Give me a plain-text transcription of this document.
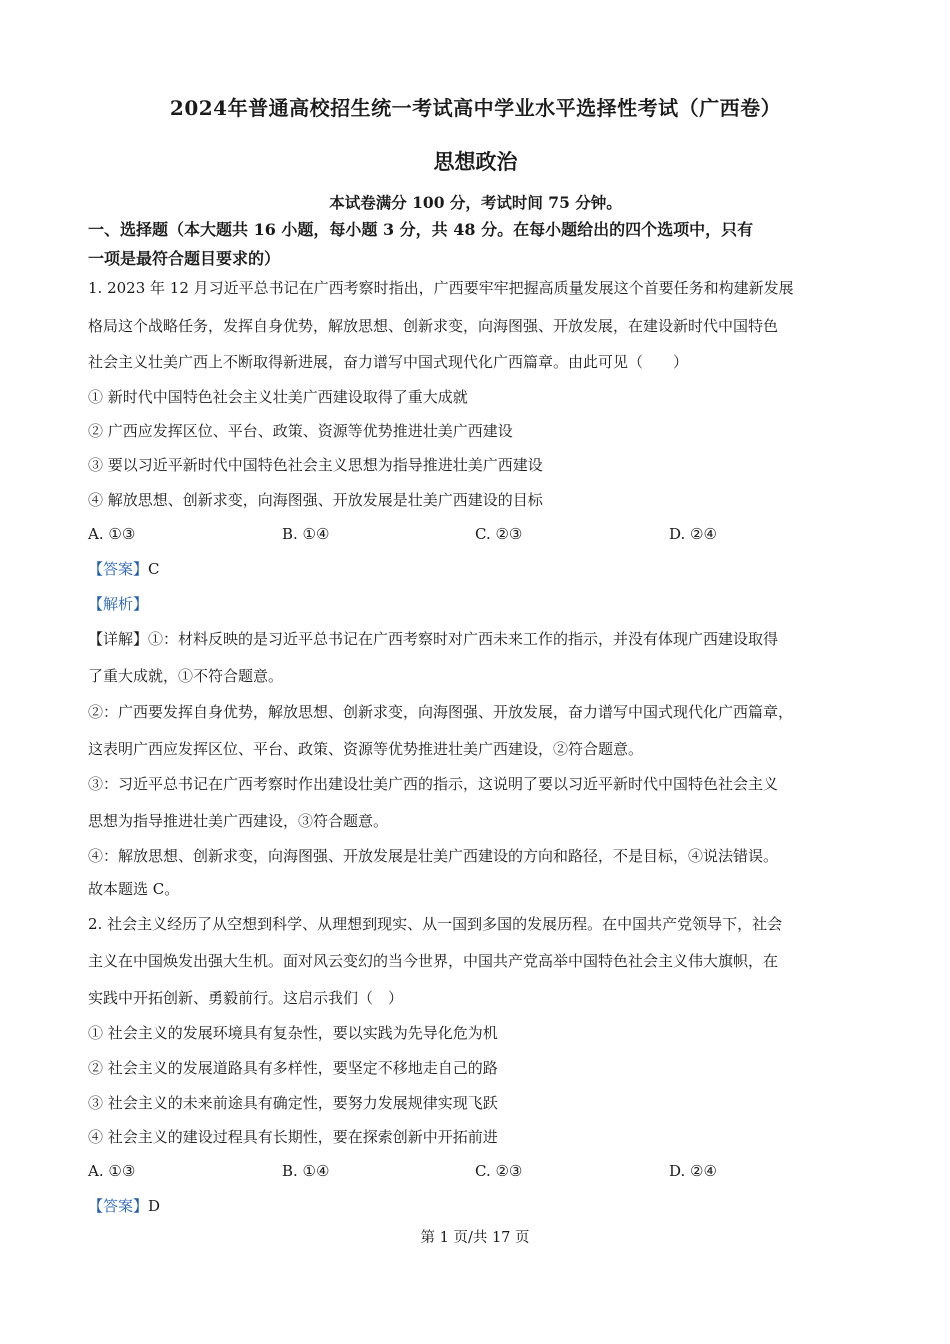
2024年普通高校招生统一考试高中学业水平选择性考试（广西卷）
思想政治
本试卷满分 100 分，考试时间 75 分钟。
一、选择题（本大题共 16 小题，每小题 3 分，共 48 分。在每小题给出的四个选项中，只有
一项是最符合题目要求的）
1. 2023 年 12 月习近平总书记在广西考察时指出，广西要牢牢把握高质量发展这个首要任务和构建新发展
格局这个战略任务，发挥自身优势，解放思想、创新求变，向海图强、开放发展，在建设新时代中国特色
社会主义壮美广西上不断取得新进展，奋力谱写中国式现代化广西篇章。由此可见（　　）
① 新时代中国特色社会主义壮美广西建设取得了重大成就
② 广西应发挥区位、平台、政策、资源等优势推进壮美广西建设
③ 要以习近平新时代中国特色社会主义思想为指导推进壮美广西建设
④ 解放思想、创新求变，向海图强、开放发展是壮美广西建设的目标
A. ①③	B. ①④	C. ②③	D. ②④
【答案】C
【解析】
【详解】①：材料反映的是习近平总书记在广西考察时对广西未来工作的指示，并没有体现广西建设取得
了重大成就，①不符合题意。
②：广西要发挥自身优势，解放思想、创新求变，向海图强、开放发展，奋力谱写中国式现代化广西篇章，
这表明广西应发挥区位、平台、政策、资源等优势推进壮美广西建设，②符合题意。
③：习近平总书记在广西考察时作出建设壮美广西的指示，这说明了要以习近平新时代中国特色社会主义
思想为指导推进壮美广西建设，③符合题意。
④：解放思想、创新求变，向海图强、开放发展是壮美广西建设的方向和路径，不是目标，④说法错误。
故本题选 C。
2. 社会主义经历了从空想到科学、从理想到现实、从一国到多国的发展历程。在中国共产党领导下，社会
主义在中国焕发出强大生机。面对风云变幻的当今世界，中国共产党高举中国特色社会主义伟大旗帜，在
实践中开拓创新、勇毅前行。这启示我们（　）
① 社会主义的发展环境具有复杂性，要以实践为先导化危为机
② 社会主义的发展道路具有多样性，要坚定不移地走自己的路
③ 社会主义的未来前途具有确定性，要努力发展规律实现飞跃
④ 社会主义的建设过程具有长期性，要在探索创新中开拓前进
A. ①③	B. ①④	C. ②③	D. ②④
【答案】D
第 1 页/共 17 页
